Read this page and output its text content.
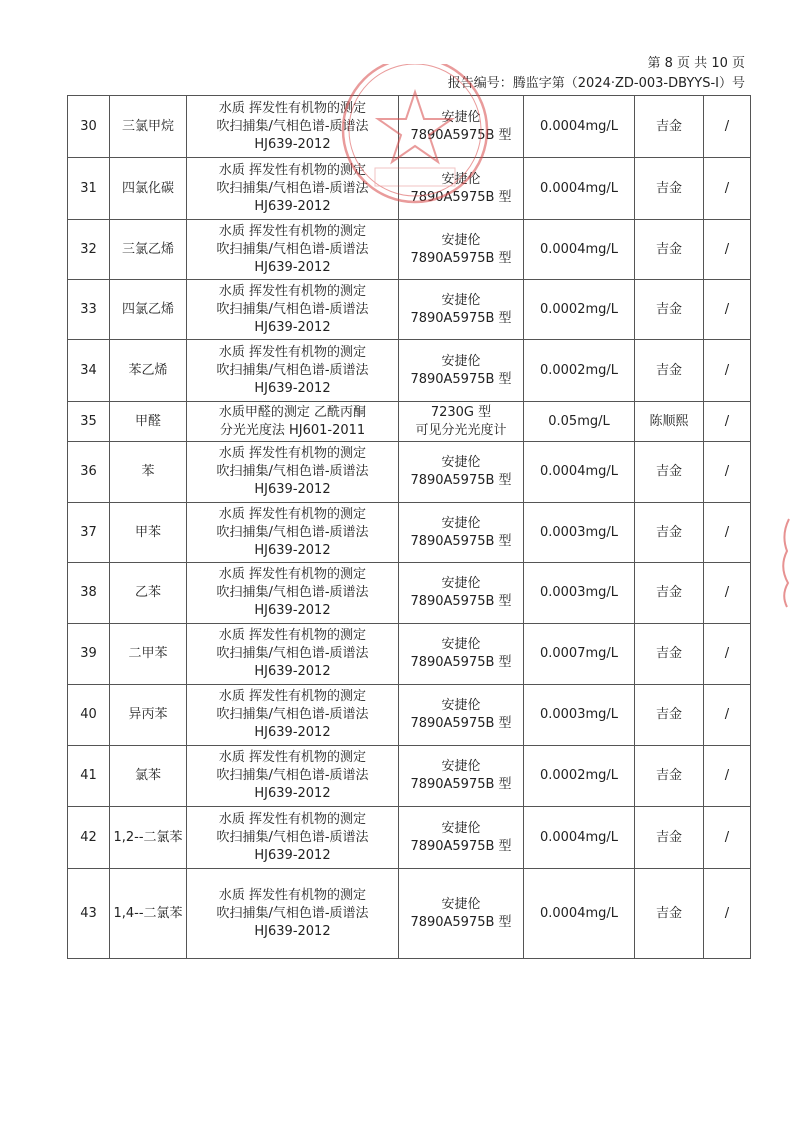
第 8 页 共 10 页
报告编号：腾监字第（2024·ZD-003-DBYYS-I）号
30	三氯甲烷	水质 挥发性有机物的测定
吹扫捕集/气相色谱-质谱法
HJ639-2012	安捷伦
7890A5975B 型	0.0004mg/L	吉金	/
31	四氯化碳	水质 挥发性有机物的测定
吹扫捕集/气相色谱-质谱法
HJ639-2012	安捷伦
7890A5975B 型	0.0004mg/L	吉金	/
32	三氯乙烯	水质 挥发性有机物的测定
吹扫捕集/气相色谱-质谱法
HJ639-2012	安捷伦
7890A5975B 型	0.0004mg/L	吉金	/
33	四氯乙烯	水质 挥发性有机物的测定
吹扫捕集/气相色谱-质谱法
HJ639-2012	安捷伦
7890A5975B 型	0.0002mg/L	吉金	/
34	苯乙烯	水质 挥发性有机物的测定
吹扫捕集/气相色谱-质谱法
HJ639-2012	安捷伦
7890A5975B 型	0.0002mg/L	吉金	/
35	甲醛	水质甲醛的测定 乙酰丙酮
分光光度法 HJ601-2011	7230G 型
可见分光光度计	0.05mg/L	陈顺熙	/
36	苯	水质 挥发性有机物的测定
吹扫捕集/气相色谱-质谱法
HJ639-2012	安捷伦
7890A5975B 型	0.0004mg/L	吉金	/
37	甲苯	水质 挥发性有机物的测定
吹扫捕集/气相色谱-质谱法
HJ639-2012	安捷伦
7890A5975B 型	0.0003mg/L	吉金	/
38	乙苯	水质 挥发性有机物的测定
吹扫捕集/气相色谱-质谱法
HJ639-2012	安捷伦
7890A5975B 型	0.0003mg/L	吉金	/
39	二甲苯	水质 挥发性有机物的测定
吹扫捕集/气相色谱-质谱法
HJ639-2012	安捷伦
7890A5975B 型	0.0007mg/L	吉金	/
40	异丙苯	水质 挥发性有机物的测定
吹扫捕集/气相色谱-质谱法
HJ639-2012	安捷伦
7890A5975B 型	0.0003mg/L	吉金	/
41	氯苯	水质 挥发性有机物的测定
吹扫捕集/气相色谱-质谱法
HJ639-2012	安捷伦
7890A5975B 型	0.0002mg/L	吉金	/
42	1,2--二氯苯	水质 挥发性有机物的测定
吹扫捕集/气相色谱-质谱法
HJ639-2012	安捷伦
7890A5975B 型	0.0004mg/L	吉金	/
43	1,4--二氯苯	水质 挥发性有机物的测定
吹扫捕集/气相色谱-质谱法
HJ639-2012	安捷伦
7890A5975B 型	0.0004mg/L	吉金	/
